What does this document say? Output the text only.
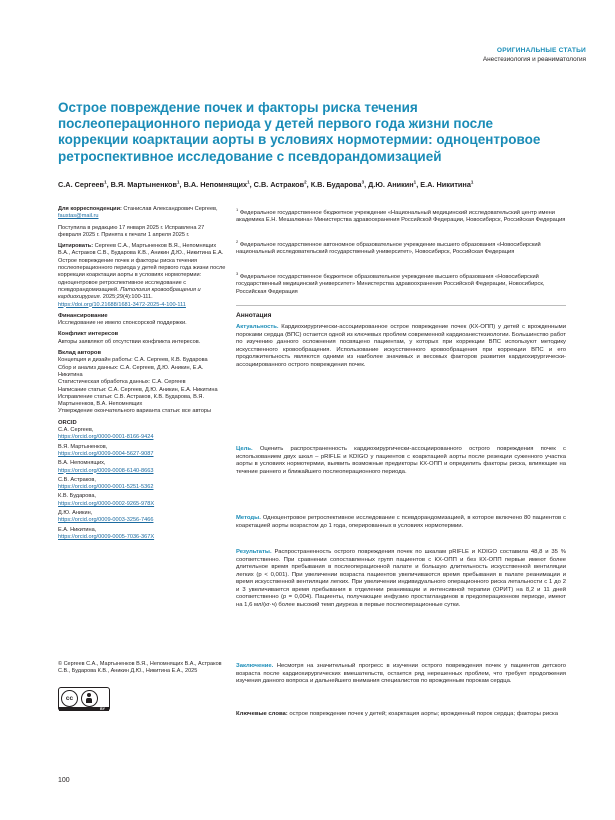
ОРИГИНАЛЬНЫЕ СТАТЬИ
Анестезиология и реаниматология
Острое повреждение почек и факторы риска течения послеоперационного периода у детей первого года жизни после коррекции коарктации аорты в условиях нормотермии: одноцентровое ретроспективное исследование с псевдорандомизацией
С.А. Сергеев$^1$, В.Я. Мартыненков$^1$, В.А. Непомнящих$^1$, С.В. Астраков$^2$, К.В. Бударова$^3$, Д.Ю. Аникин$^1$, Е.А. Никитина$^1$

Для корреспонденции: Станислав Александрович Сергеев, faustas@mail.ru

Поступила в редакцию 17 января 2025 г. Исправлена 27 февраля 2025 г. Принята к печати 1 апреля 2025 г.

Цитировать: Сергеев С.А., Мартыненков В.Я., Непомнящих В.А., Астраков С.В., Бударова К.В., Аникин Д.Ю., Никитина Е.А. Острое повреждение почек и факторы риска течения послеоперационного периода у детей первого года жизни после коррекции коарктации аорты в условиях нормотермии: одноцентровое ретроспективное исследование с псевдорандомизацией. Патология кровообращения и кардиохирургия. 2025;29(4):100-111. https://doi.org/10.21688/1681-3472-2025-4-100-111

Финансирование

Исследование не имело спонсорской поддержки.

Конфликт интересов

Авторы заявляют об отсутствии конфликта интересов.

Вклад авторов

Концепция и дизайн работы: С.А. Сергеев, К.В. Бударова
Сбор и анализ данных: С.А. Сергеев, Д.Ю. Аникин, Е.А. Никитина
Статистическая обработка данных: С.А. Сергеев
Написание статьи: С.А. Сергеев, Д.Ю. Аникин, Е.А. Никитина
Исправление статьи: С.В. Астраков, К.В. Бударова, В.Я. Мартыненков, В.А. Непомнящих
Утверждение окончательного варианта статьи: все авторы

ORCID

С.А. Сергеев,

https://orcid.org/0000-0001-8166-9424

В.Я. Мартыненков,

https://orcid.org/0009-0004-5627-9087

В.А. Непомнящих,

https://orcid.org/0009-0008-6140-8663

С.В. Астраков,

https://orcid.org/0000-0001-5251-5362

К.В. Бударова,

https://orcid.org/0000-0002-9265-978X

Д.Ю. Аникин,

https://orcid.org/0009-0003-3256-7466

Е.А. Никитина,

https://orcid.org/0009-0005-7036-367X

© Сергеев С.А., Мартыненков В.Я., Непомнящих В.А., Астраков С.В., Бударова К.В., Аникин Д.Ю., Никитина Е.А., 2025
cc
BY
$^1$ Федеральное государственное бюджетное учреждение «Национальный медицинский исследовательский центр имени академика Е.Н. Мешалкина» Министерства здравоохранения Российской Федерации, Новосибирск, Российская Федерация
$^2$ Федеральное государственное автономное образовательное учреждение высшего образования «Новосибирский национальный исследовательский государственный университет», Новосибирск, Российская Федерация
$^3$ Федеральное государственное бюджетное образовательное учреждение высшего образования «Новосибирский государственный медицинский университет» Министерства здравоохранения Российской Федерации, Новосибирск, Российская Федерация
Аннотация
Актуальность. Кардиохирургически-ассоциированное острое повреждение почек (КХ-ОПП) у детей с врожденными пороками сердца (ВПС) остается одной из ключевых проблем современной кардиоанестезиологии. Большинство работ по изучению данного осложнения посвящено пациентам, у которых при коррекции ВПС используют методику искусственного кровообращения. Использование искусственного кровообращения при коррекции ВПС и его продолжительность являются одними из наиболее значимых и весомых факторов развития кардиохирургически-ассоциированного острого повреждения почек.
Цель. Оценить распространенность кардиохирургически-ассоциированного острого повреждения почек с использованием двух шкал – pRIFLE и KDIGO у пациентов с коарктацией аорты после резекции суженного участка аорты в условиях нормотермии, выявить возможные предикторы КХ-ОПП и определить факторы риска, влияющие на течение раннего и ближайшего послеоперационного периода.
Методы. Одноцентровое ретроспективное исследование с псевдорандомизацией, в которое включено 80 пациентов с коарктацией аорты возрастом до 1 года, оперированных в условиях нормотермии.
Результаты. Распространенность острого повреждения почек по шкалам pRIFLE и KDIGO составила 48,8 и 35 % соответственно. При сравнении сопоставленных групп пациентов с КХ-ОПП и без КХ-ОПП первые имеют более длительное время пребывания в послеоперационной палате и большую длительность искусственной вентиляции легких (p < 0,001). При увеличении возраста пациентов увеличиваются время пребывания в палате реанимации и время искусственной вентиляции легких. При увеличении индивидуального операционного риска летальности с 1 до 2 и 3 увеличивается время пребывания в отделении реанимации и интенсивной терапии (ОРИТ) на 8,2 и 11 дней соответственно (p = 0,004). Пациенты, получающие инфузию простагландинов в предоперационном периоде, имеют на 1,6 мл/(кг·ч) более высокий темп диуреза в первые послеоперационные сутки.
Заключение. Несмотря на значительный прогресс в изучении острого повреждения почек у пациентов детского возраста после кардиохирургических вмешательств, остается ряд нерешенных проблем, что требует продолжения изучения данного вопроса и дальнейшего внимания специалистов по врожденным порокам сердца.
Ключевые слова: острое повреждение почек у детей; коарктация аорты; врожденный порок сердца; факторы риска
100
